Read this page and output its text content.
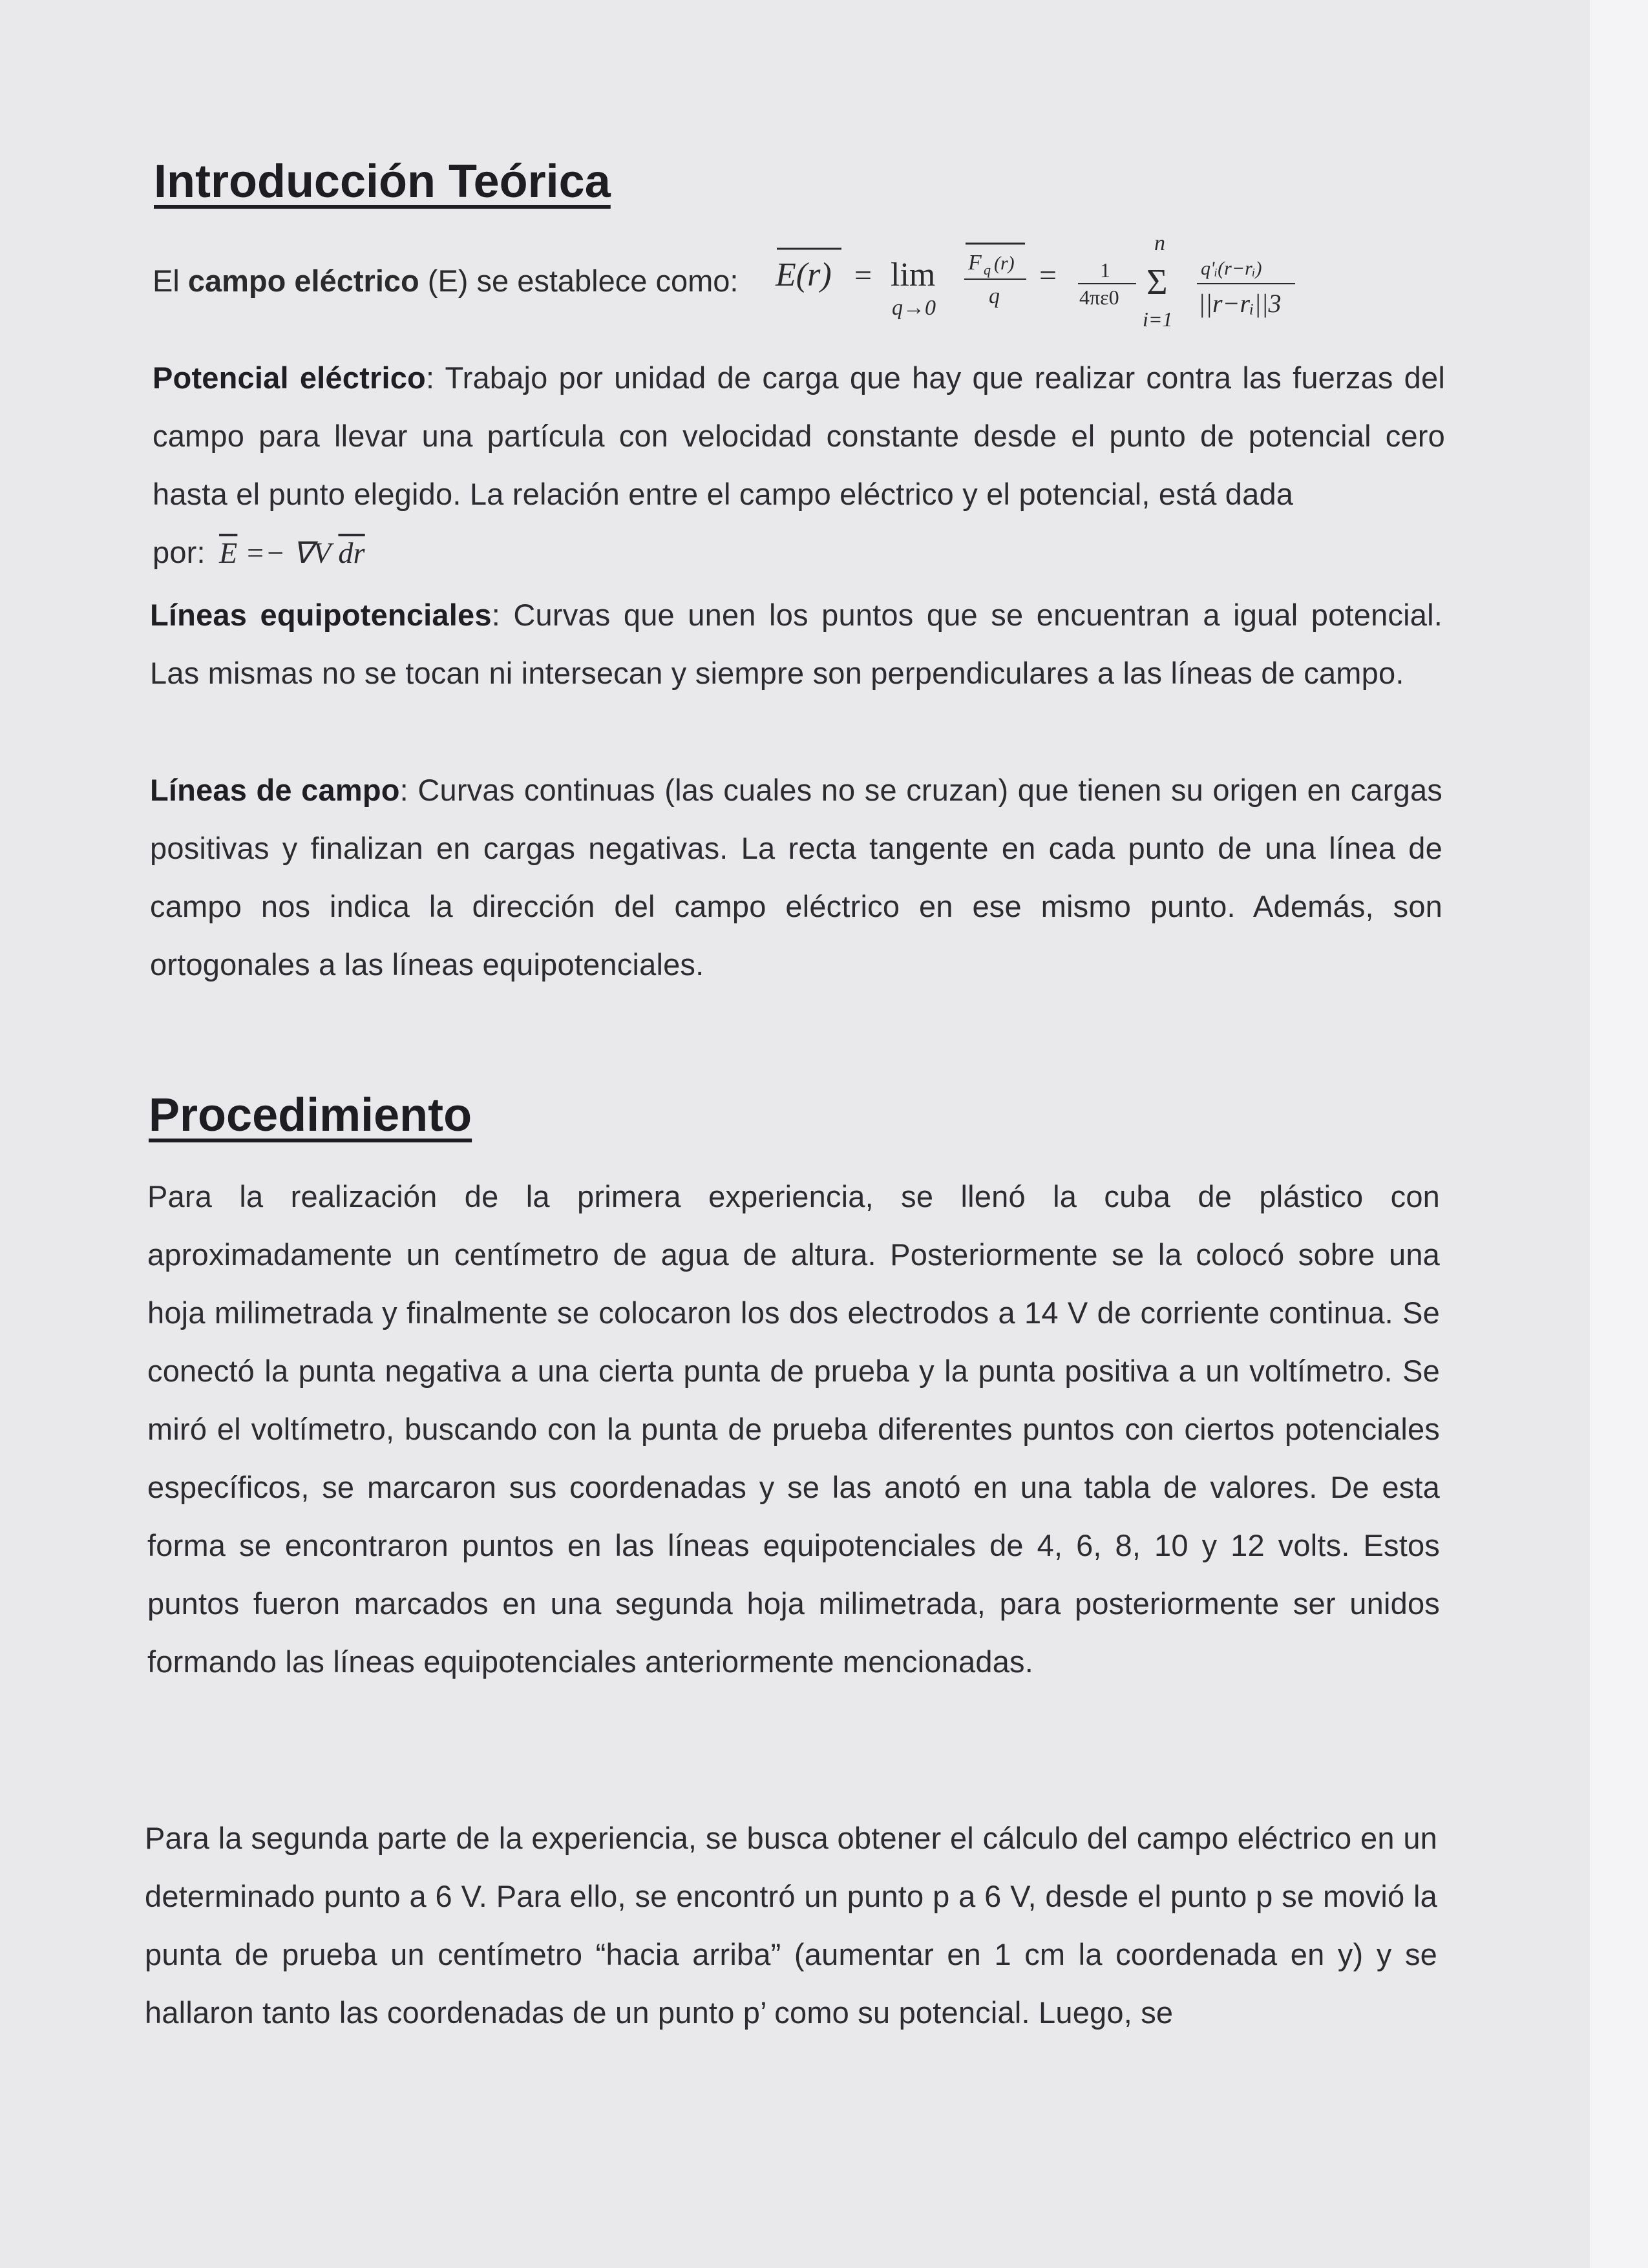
Introducción Teórica
El campo eléctrico (E) se establece como: E(r) = lim
q→0
F q (r)
q
= 1
4πε0
n
Σ
i=1
q'ᵢ(r−rᵢ)
||r−rᵢ||3

Potencial eléctrico: Trabajo por unidad de carga que hay que realizar contra las fuerzas del campo para llevar una partícula con velocidad constante desde el punto de potencial cero hasta el punto elegido. La relación entre el campo eléctrico y el potencial, está dada

por: $\overline{E} =- \nabla V$ $\overline{dr}$

Líneas equipotenciales: Curvas que unen los puntos que se encuentran a igual potencial. Las mismas no se tocan ni intersecan y siempre son perpendiculares a las líneas de campo.

Líneas de campo: Curvas continuas (las cuales no se cruzan) que tienen su origen en cargas positivas y finalizan en cargas negativas. La recta tangente en cada punto de una línea de campo nos indica la dirección del campo eléctrico en ese mismo punto. Además, son ortogonales a las líneas equipotenciales.

Procedimiento

Para la realización de la primera experiencia, se llenó la cuba de plástico con aproximadamente un centímetro de agua de altura. Posteriormente se la colocó sobre una hoja milimetrada y finalmente se colocaron los dos electrodos a 14 V de corriente continua. Se conectó la punta negativa a una cierta punta de prueba y la punta positiva a un voltímetro. Se miró el voltímetro, buscando con la punta de prueba diferentes puntos con ciertos potenciales específicos, se marcaron sus coordenadas y se las anotó en una tabla de valores. De esta forma se encontraron puntos en las líneas equipotenciales de 4, 6, 8, 10 y 12 volts. Estos puntos fueron marcados en una segunda hoja milimetrada, para posteriormente ser unidos formando las líneas equipotenciales anteriormente mencionadas.

Para la segunda parte de la experiencia, se busca obtener el cálculo del campo eléctrico en un determinado punto a 6 V. Para ello, se encontró un punto p a 6 V, desde el punto p se movió la punta de prueba un centímetro “hacia arriba” (aumentar en 1 cm la coordenada en y) y se hallaron tanto las coordenadas de un punto p’ como su potencial. Luego, se
